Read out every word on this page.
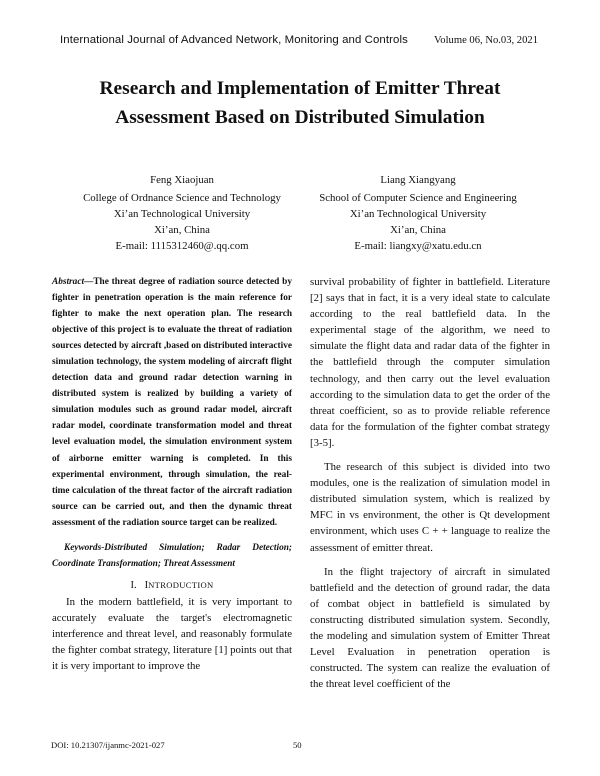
International Journal of Advanced Network, Monitoring and Controls Volume 06, No.03, 2021
Research and Implementation of Emitter Threat
Assessment Based on Distributed Simulation
Feng Xiaojuan
College of Ordnance Science and Technology
Xi’an Technological University
Xi’an, China
E-mail: 1115312460@.qq.com
Liang Xiangyang
School of Computer Science and Engineering
Xi’an Technological University
Xi’an, China
E-mail: liangxy@xatu.edu.cn

Abstract—The threat degree of radiation source detected by fighter in penetration operation is the main reference for fighter to make the next operation plan. The research objective of this project is to evaluate the threat of radiation sources detected by aircraft ,based on distributed interactive simulation technology, the system modeling of aircraft flight detection data and ground radar detection warning in distributed system is realized by building a variety of simulation modules such as ground radar model, aircraft radar model, coordinate transformation model and threat level evaluation model, the simulation environment system of airborne emitter warning is completed. In this experimental environment, through simulation, the real-time calculation of the threat factor of the aircraft radiation source can be carried out, and then the dynamic threat assessment of the radiation source target can be realized.

Keywords-Distributed Simulation; Radar Detection; Coordinate Transformation; Threat Assessment

I. INTRODUCTION

In the modern battlefield, it is very important to accurately evaluate the target's electromagnetic interference and threat level, and reasonably formulate the fighter combat strategy, literature [1] points out that it is very important to improve the

survival probability of fighter in battlefield. Literature [2] says that in fact, it is a very ideal state to calculate according to the real battlefield data. In the experimental stage of the algorithm, we need to simulate the flight data and radar data of the fighter in the battlefield through the computer simulation technology, and then carry out the level evaluation according to the simulation data to get the order of the threat coefficient, so as to provide reliable reference data for the formulation of the fighter combat strategy [3-5].

The research of this subject is divided into two modules, one is the realization of simulation model in distributed simulation system, which is realized by MFC in vs environment, the other is Qt development environment, which uses C + + language to realize the assessment of emitter threat.

In the flight trajectory of aircraft in simulated battlefield and the detection of ground radar, the data of combat object in battlefield is simulated by constructing distributed simulation system. Secondly, the modeling and simulation system of Emitter Threat Level Evaluation in penetration operation is constructed. The system can realize the evaluation of the threat level coefficient of the

DOI: 10.21307/ijanmc-2021-027	50
